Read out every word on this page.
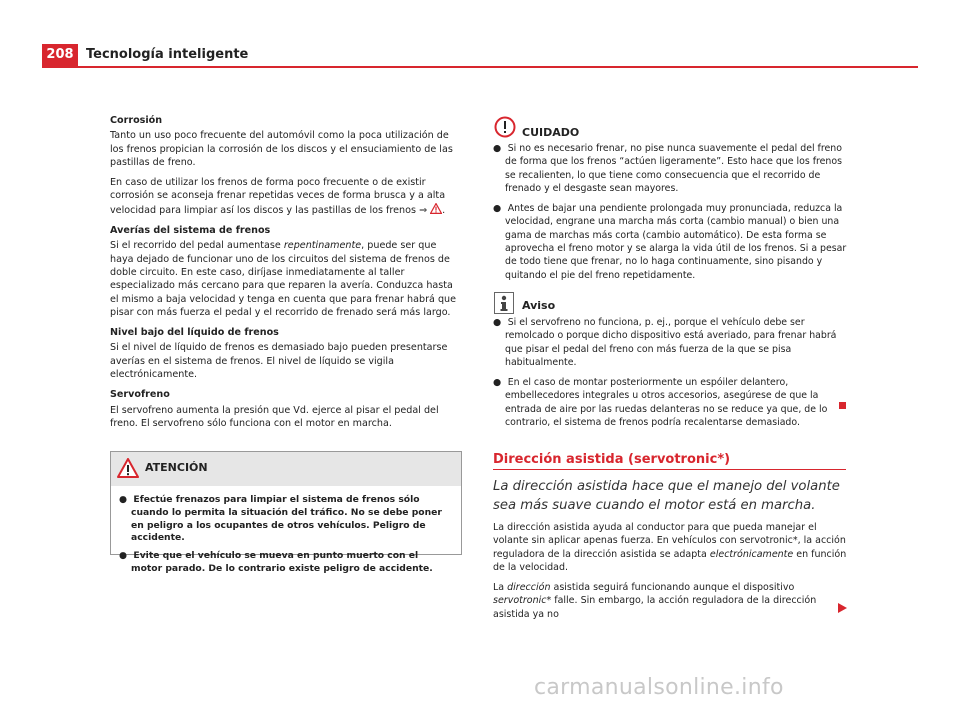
208 Tecnología inteligente

Corrosión

Tanto un uso poco frecuente del automóvil como la poca utilización de los frenos propician la corrosión de los discos y el ensuciamiento de las pastillas de freno.

En caso de utilizar los frenos de forma poco frecuente o de existir corrosión se aconseja frenar repetidas veces de forma brusca y a alta velocidad para limpiar así los discos y las pastillas de los frenos ⇒ .

Averías del sistema de frenos

Si el recorrido del pedal aumentase repentinamente, puede ser que haya dejado de funcionar uno de los circuitos del sistema de frenos de doble circuito. En este caso, diríjase inmediatamente al taller especializado más cercano para que reparen la avería. Conduzca hasta el mismo a baja velocidad y tenga en cuenta que para frenar habrá que pisar con más fuerza el pedal y el recorrido de frenado será más largo.

Nivel bajo del líquido de frenos

Si el nivel de líquido de frenos es demasiado bajo pueden presentarse averías en el sistema de frenos. El nivel de líquido se vigila electrónicamente.

Servofreno

El servofreno aumenta la presión que Vd. ejerce al pisar el pedal del freno. El servofreno sólo funciona con el motor en marcha.

ATENCIÓN

●  Efectúe frenazos para limpiar el sistema de frenos sólo cuando lo permita la situación del tráfico. No se debe poner en peligro a los ocupantes de otros vehículos. Peligro de accidente.

●  Evite que el vehículo se mueva en punto muerto con el motor parado. De lo contrario existe peligro de accidente.

CUIDADO

●  Si no es necesario frenar, no pise nunca suavemente el pedal del freno de forma que los frenos “actúen ligeramente”. Esto hace que los frenos se recalienten, lo que tiene como consecuencia que el recorrido de frenado y el desgaste sean mayores.

●  Antes de bajar una pendiente prolongada muy pronunciada, reduzca la velocidad, engrane una marcha más corta (cambio manual) o bien una gama de marchas más corta (cambio automático). De esta forma se aprovecha el freno motor y se alarga la vida útil de los frenos. Si a pesar de todo tiene que frenar, no lo haga continuamente, sino pisando y quitando el pie del freno repetidamente.

Aviso

●  Si el servofreno no funciona, p. ej., porque el vehículo debe ser remolcado o porque dicho dispositivo está averiado, para frenar habrá que pisar el pedal del freno con más fuerza de la que se pisa habitualmente.

●  En el caso de montar posteriormente un espóiler delantero, embellecedores integrales u otros accesorios, asegúrese de que la entrada de aire por las ruedas delanteras no se reduce ya que, de lo contrario, el sistema de frenos podría recalentarse demasiado.

Dirección asistida (servotronic*)
La dirección asistida hace que el manejo del volante sea más suave cuando el motor está en marcha.

La dirección asistida ayuda al conductor para que pueda manejar el volante sin aplicar apenas fuerza. En vehículos con servotronic*, la acción reguladora de la dirección asistida se adapta electrónicamente en función de la velocidad.

La dirección asistida seguirá funcionando aunque el dispositivo servotronic* falle. Sin embargo, la acción reguladora de la dirección asistida ya no

carmanualsonline.info
